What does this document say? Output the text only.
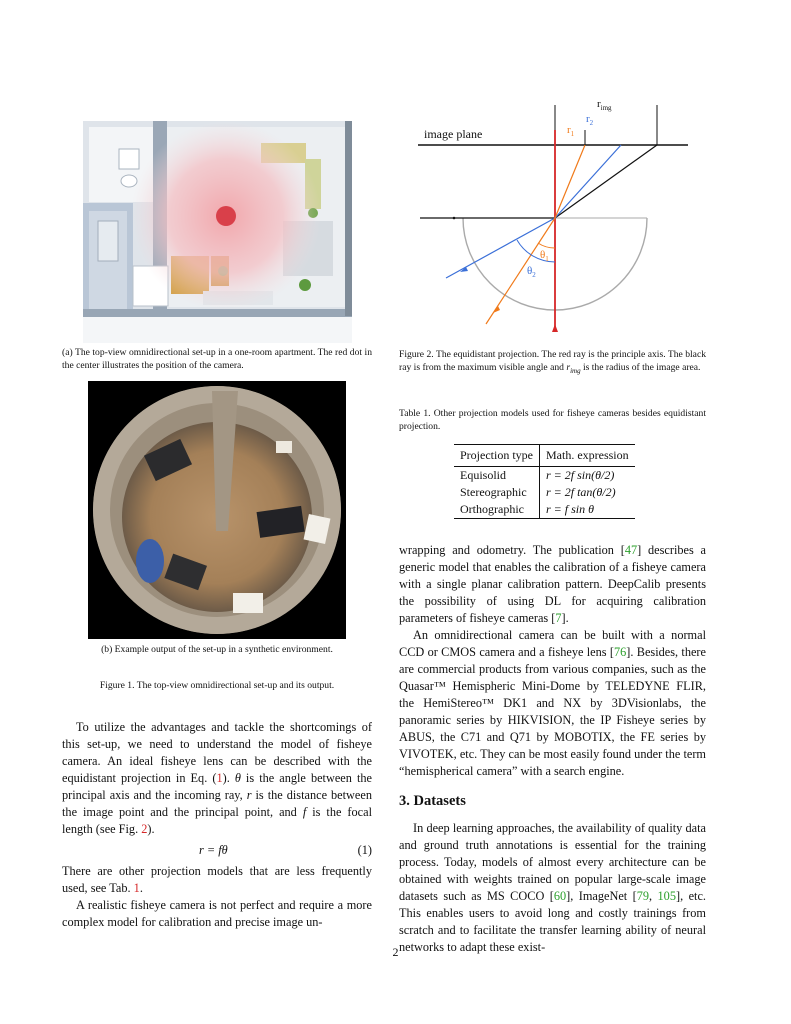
(a) The top-view omnidirectional set-up in a one-room apartment. The red dot in the center illustrates the position of the camera.
(b) Example output of the set-up in a synthetic environment.
Figure 1. The top-view omnidirectional set-up and its output.

To utilize the advantages and tackle the shortcomings of this set-up, we need to understand the model of fisheye camera. An ideal fisheye lens can be described with the equidistant projection in Eq. (1). θ is the angle between the principal axis and the incoming ray, r is the distance between the image point and the principal point, and f is the focal length (see Fig. 2).

r = fθ	(1)

There are other projection models that are less frequently used, see Tab. 1.

A realistic fisheye camera is not perfect and require a more complex model for calibration and precise image un-

image plane
$r_{img}$
$r_2$
$r_1$
$\theta_1$
$\theta_2$
Figure 2. The equidistant projection. The red ray is the principle axis. The black ray is from the maximum visible angle and $r_{img}$ is the radius of the image area.
Table 1. Other projection models used for fisheye cameras besides equidistant projection.
Projection type	Math. expression
Equisolid	r = 2f sin(θ/2)
Stereographic	r = 2f tan(θ/2)
Orthographic	r = f sin θ

wrapping and odometry. The publication [47] describes a generic model that enables the calibration of a fisheye camera with a single planar calibration pattern. DeepCalib presents the possibility of using DL for acquiring calibration parameters of fisheye cameras [7].

An omnidirectional camera can be built with a normal CCD or CMOS camera and a fisheye lens [76]. Besides, there are commercial products from various companies, such as the Quasar™ Hemispheric Mini-Dome by TELEDYNE FLIR, the HemiStereo™ DK1 and NX by 3DVisionlabs, the panoramic series by HIKVISION, the IP Fisheye series by ABUS, the C71 and Q71 by MOBOTIX, the FE series by VIVOTEK, etc. They can be most easily found under the term “hemispherical camera” with a search engine.

3. Datasets

In deep learning approaches, the availability of quality data and ground truth annotations is essential for the training process. Today, models of almost every architecture can be obtained with weights trained on popular large-scale image datasets such as MS COCO [60], ImageNet [79, 105], etc. This enables users to avoid long and costly trainings from scratch and to facilitate the transfer learning ability of neural networks to adapt these exist-

2
